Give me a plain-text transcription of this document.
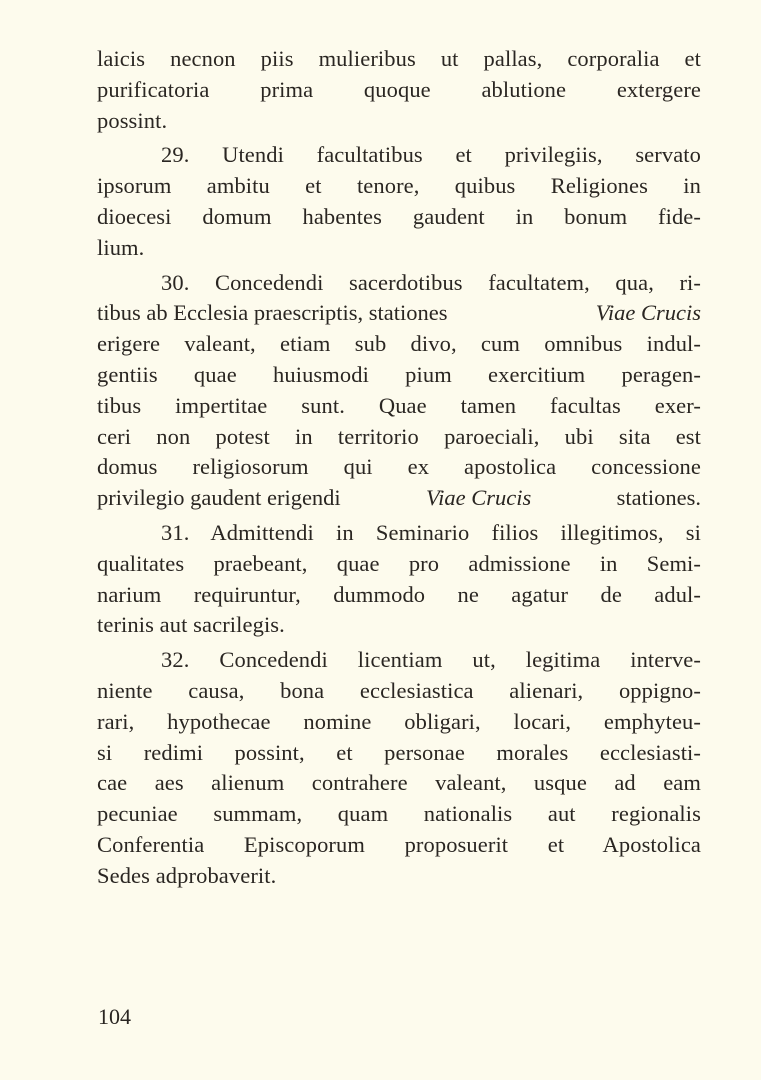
laicis necnon piis mulieribus ut pallas, corporalia et
purificatoria prima quoque ablutione extergere
possint.
29. Utendi facultatibus et privilegiis, servato
ipsorum ambitu et tenore, quibus Religiones in
dioecesi domum habentes gaudent in bonum fide-
lium.
30. Concedendi sacerdotibus facultatem, qua, ri-
tibus ab Ecclesia praescriptis, stationes	Viae Crucis
erigere valeant, etiam sub divo, cum omnibus indul-
gentiis quae huiusmodi pium exercitium peragen-
tibus impertitae sunt. Quae tamen facultas exer-
ceri non potest in territorio paroeciali, ubi sita est
domus religiosorum qui ex apostolica concessione
privilegio gaudent erigendi	Viae Crucis	stationes.
31. Admittendi in Seminario filios illegitimos, si
qualitates praebeant, quae pro admissione in Semi-
narium requiruntur, dummodo ne agatur de adul-
terinis aut sacrilegis.
32. Concedendi licentiam ut, legitima interve-
niente causa, bona ecclesiastica alienari, oppigno-
rari, hypothecae nomine obligari, locari, emphyteu-
si redimi possint, et personae morales ecclesiasti-
cae aes alienum contrahere valeant, usque ad eam
pecuniae summam, quam nationalis aut regionalis
Conferentia Episcoporum proposuerit et Apostolica
Sedes adprobaverit.
104
